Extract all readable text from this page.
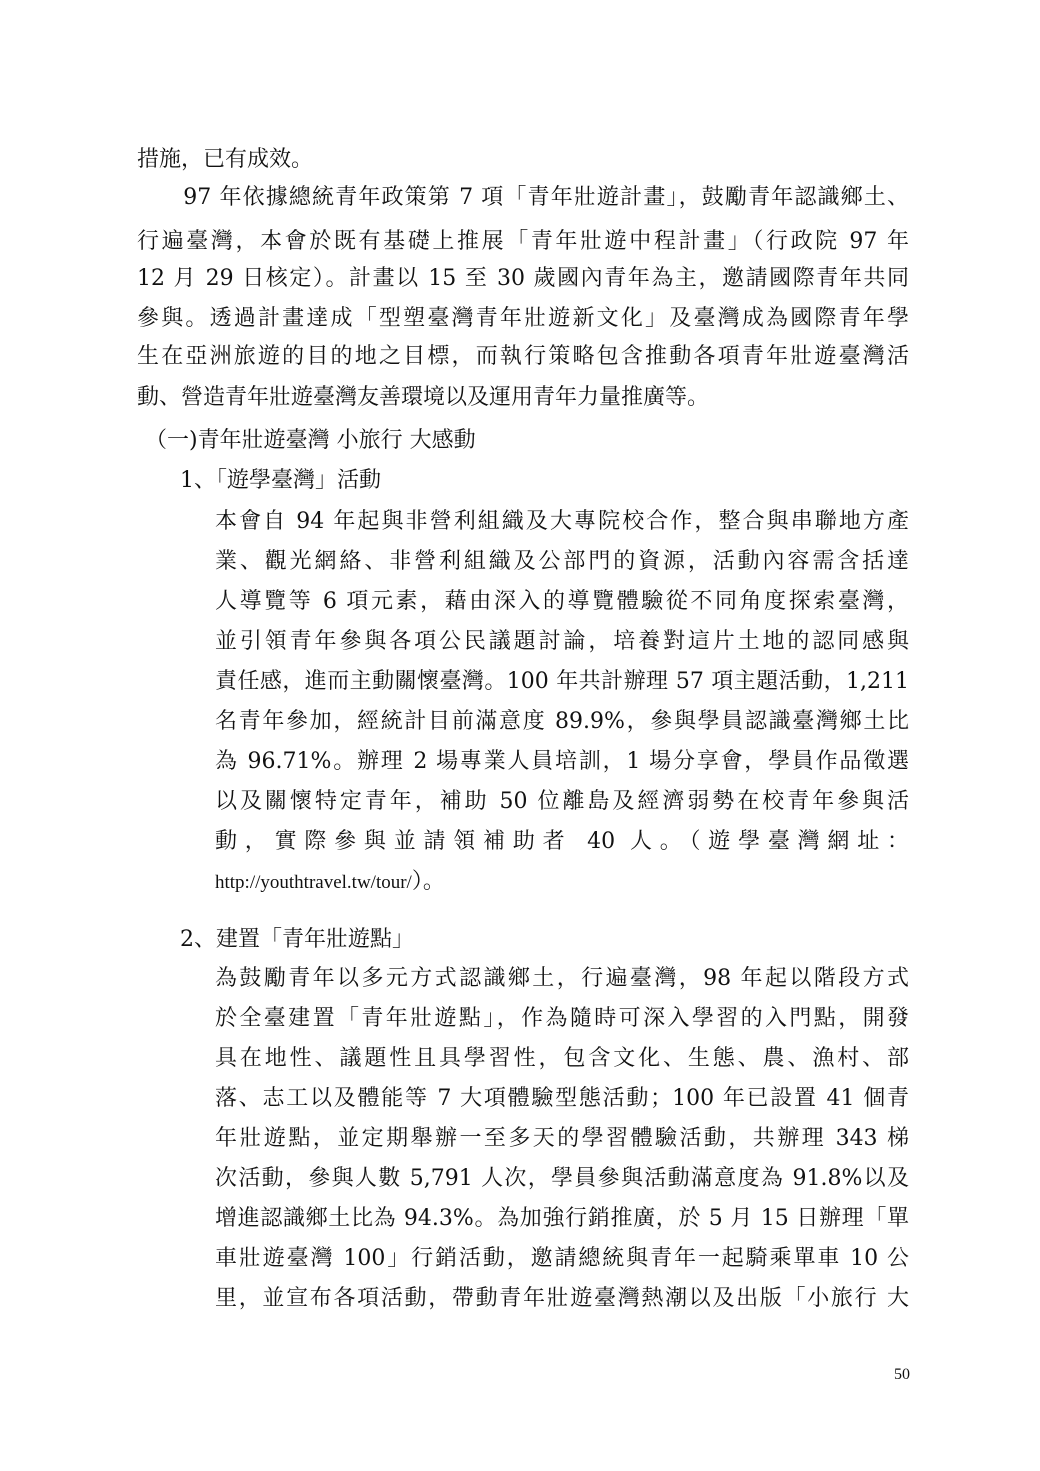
措施，已有成效。
　　97 年依據總統青年政策第 7 項「青年壯遊計畫」，鼓勵青年認識鄉土、
行遍臺灣，本會於既有基礎上推展「青年壯遊中程計畫」（行政院 97 年
12 月 29 日核定）。計畫以 15 至 30 歲國內青年為主，邀請國際青年共同
參與。透過計畫達成「型塑臺灣青年壯遊新文化」及臺灣成為國際青年學
生在亞洲旅遊的目的地之目標，而執行策略包含推動各項青年壯遊臺灣活
動、營造青年壯遊臺灣友善環境以及運用青年力量推廣等。
（一)青年壯遊臺灣 小旅行 大感動
1、「遊學臺灣」活動
本會自 94 年起與非營利組織及大專院校合作，整合與串聯地方產
業、觀光網絡、非營利組織及公部門的資源，活動內容需含括達
人導覽等 6 項元素，藉由深入的導覽體驗從不同角度探索臺灣，
並引領青年參與各項公民議題討論，培養對這片土地的認同感與
責任感，進而主動關懷臺灣。100 年共計辦理 57 項主題活動，1,211
名青年參加，經統計目前滿意度 89.9%，參與學員認識臺灣鄉土比
為 96.71%。辦理 2 場專業人員培訓，1 場分享會，學員作品徵選
以及關懷特定青年，補助 50 位離島及經濟弱勢在校青年參與活
動，實際參與並請領補助者 40 人。（遊學臺灣網址：
http://youthtravel.tw/tour/）。
2、建置「青年壯遊點」
為鼓勵青年以多元方式認識鄉土，行遍臺灣，98 年起以階段方式
於全臺建置「青年壯遊點」，作為隨時可深入學習的入門點，開發
具在地性、議題性且具學習性，包含文化、生態、農、漁村、部
落、志工以及體能等 7 大項體驗型態活動；100 年已設置 41 個青
年壯遊點，並定期舉辦一至多天的學習體驗活動，共辦理 343 梯
次活動，參與人數 5,791 人次，學員參與活動滿意度為 91.8%以及
增進認識鄉土比為 94.3%。為加強行銷推廣，於 5 月 15 日辦理「單
車壯遊臺灣 100」行銷活動，邀請總統與青年一起騎乘單車 10 公
里，並宣布各項活動，帶動青年壯遊臺灣熱潮以及出版「小旅行 大
50
